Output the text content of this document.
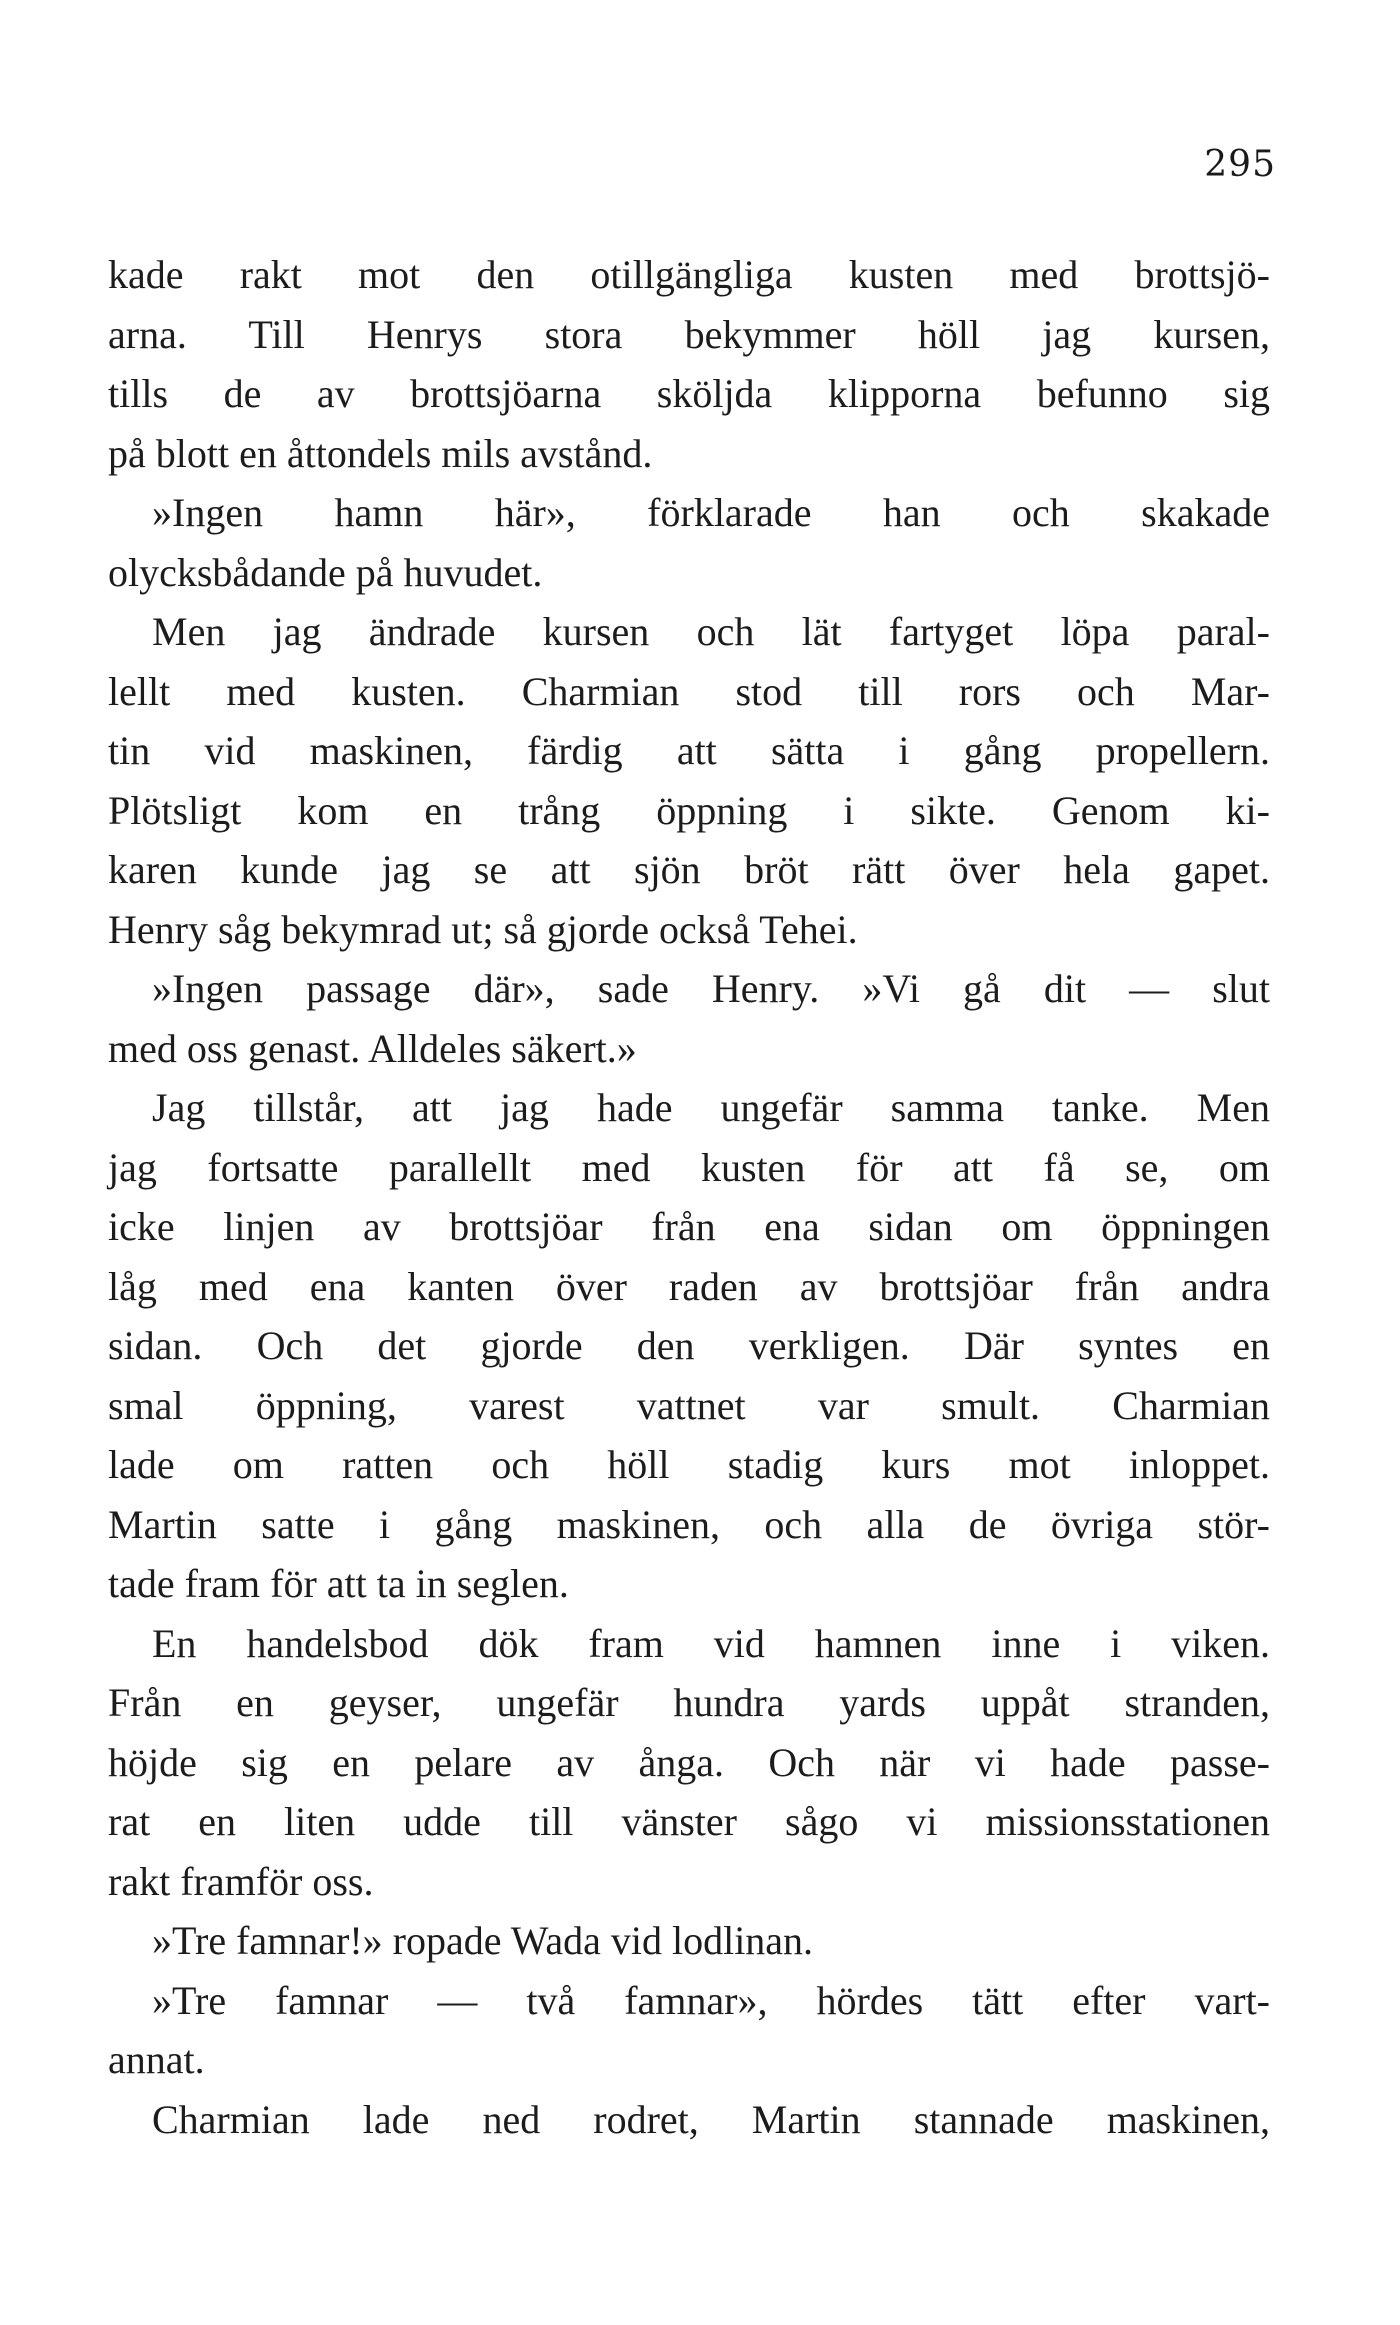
295
kade rakt mot den otillgängliga kusten med brottsjö-
arna. Till Henrys stora bekymmer höll jag kursen,
tills de av brottsjöarna sköljda klipporna befunno sig
på blott en åttondels mils avstånd.
»Ingen hamn här», förklarade han och skakade
olycksbådande på huvudet.
Men jag ändrade kursen och lät fartyget löpa paral-
lellt med kusten. Charmian stod till rors och Mar-
tin vid maskinen, färdig att sätta i gång propellern.
Plötsligt kom en trång öppning i sikte. Genom ki-
karen kunde jag se att sjön bröt rätt över hela gapet.
Henry såg bekymrad ut; så gjorde också Tehei.
»Ingen passage där», sade Henry. »Vi gå dit — slut
med oss genast. Alldeles säkert.»
Jag tillstår, att jag hade ungefär samma tanke. Men
jag fortsatte parallellt med kusten för att få se, om
icke linjen av brottsjöar från ena sidan om öppningen
låg med ena kanten över raden av brottsjöar från andra
sidan. Och det gjorde den verkligen. Där syntes en
smal öppning, varest vattnet var smult. Charmian
lade om ratten och höll stadig kurs mot inloppet.
Martin satte i gång maskinen, och alla de övriga stör-
tade fram för att ta in seglen.
En handelsbod dök fram vid hamnen inne i viken.
Från en geyser, ungefär hundra yards uppåt stranden,
höjde sig en pelare av ånga. Och när vi hade passe-
rat en liten udde till vänster sågo vi missionsstationen
rakt framför oss.
»Tre famnar!» ropade Wada vid lodlinan.
»Tre famnar — två famnar», hördes tätt efter vart-
annat.
Charmian lade ned rodret, Martin stannade maskinen,
